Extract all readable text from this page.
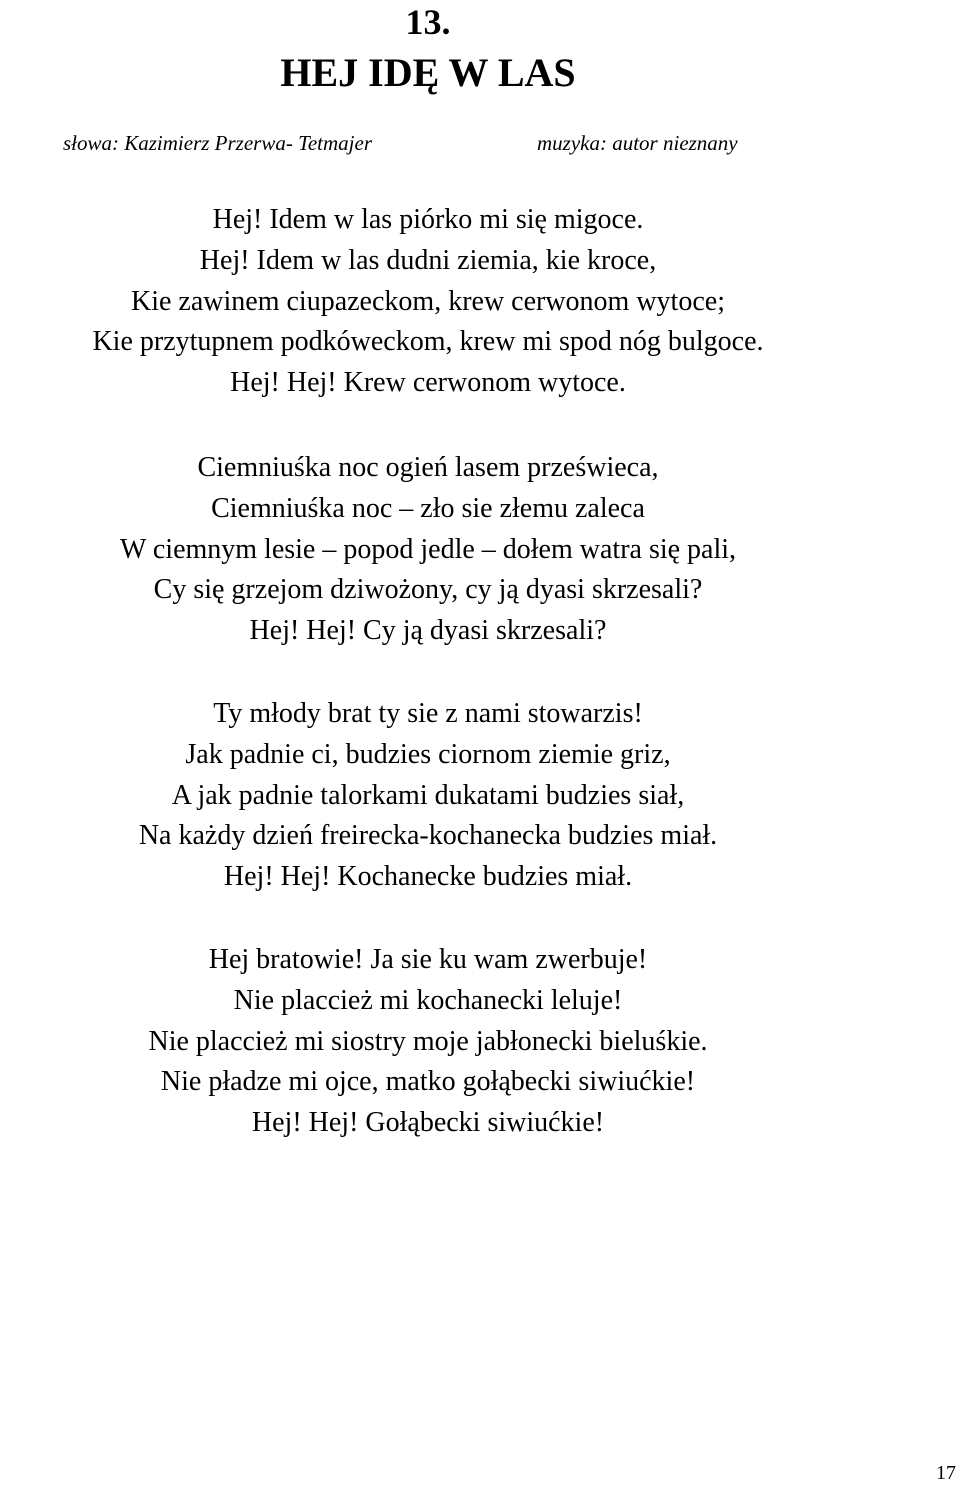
13.
HEJ IDĘ W LAS
słowa: Kazimierz Przerwa- Tetmajer	muzyka: autor nieznany
Hej! Idem w las piórko mi się migoce.
Hej! Idem w las dudni ziemia, kie kroce,
Kie zawinem ciupazeckom, krew cerwonom wytoce;
Kie przytupnem podkóweckom, krew mi spod nóg bulgoce.
Hej! Hej! Krew cerwonom wytoce.
Ciemniuśka noc ogień lasem prześwieca,
Ciemniuśka noc – zło sie złemu zaleca
W ciemnym lesie – popod jedle – dołem watra się pali,
Cy się grzejom dziwożony, cy ją dyasi skrzesali?
Hej! Hej! Cy ją dyasi skrzesali?
Ty młody brat ty sie z nami stowarzis!
Jak padnie ci, budzies ciornom ziemie griz,
A jak padnie talorkami dukatami budzies siał,
Na każdy dzień freirecka-kochanecka budzies miał.
Hej! Hej! Kochanecke budzies miał.
Hej bratowie! Ja sie ku wam zwerbuje!
Nie placcież mi kochanecki leluje!
Nie placcież mi siostry moje jabłonecki bieluśkie.
Nie pładze mi ojce, matko gołąbecki siwiućkie!
Hej! Hej! Gołąbecki siwiućkie!
17
